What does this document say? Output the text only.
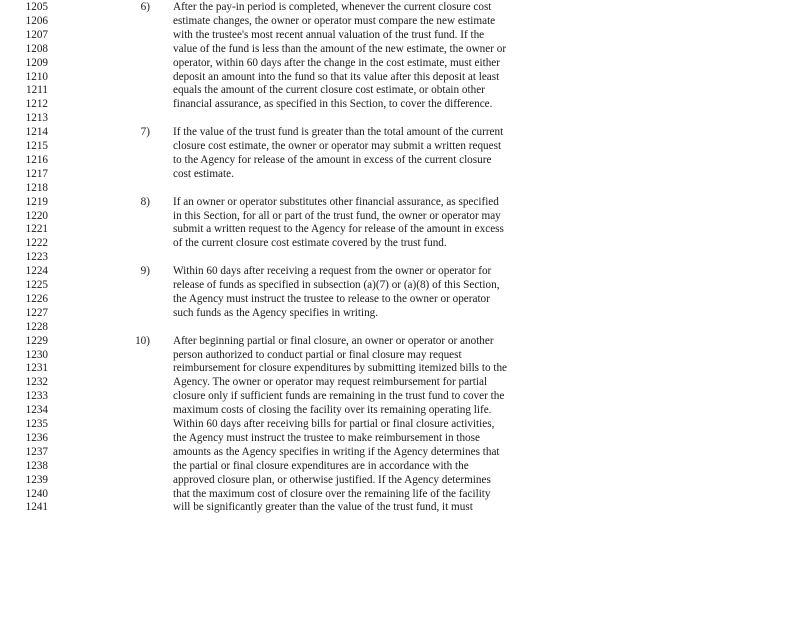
1205	6) After the pay-in period is completed, whenever the current closure cost
1206	estimate changes, the owner or operator must compare the new estimate
1207	with the trustee's most recent annual valuation of the trust fund. If the
1208	value of the fund is less than the amount of the new estimate, the owner or
1209	operator, within 60 days after the change in the cost estimate, must either
1210	deposit an amount into the fund so that its value after this deposit at least
1211	equals the amount of the current closure cost estimate, or obtain other
1212	financial assurance, as specified in this Section, to cover the difference.
1213
1214	7) If the value of the trust fund is greater than the total amount of the current
1215	closure cost estimate, the owner or operator may submit a written request
1216	to the Agency for release of the amount in excess of the current closure
1217	cost estimate.
1218
1219	8) If an owner or operator substitutes other financial assurance, as specified
1220	in this Section, for all or part of the trust fund, the owner or operator may
1221	submit a written request to the Agency for release of the amount in excess
1222	of the current closure cost estimate covered by the trust fund.
1223
1224	9) Within 60 days after receiving a request from the owner or operator for
1225	release of funds as specified in subsection (a)(7) or (a)(8) of this Section,
1226	the Agency must instruct the trustee to release to the owner or operator
1227	such funds as the Agency specifies in writing.
1228
1229	10) After beginning partial or final closure, an owner or operator or another
1230	person authorized to conduct partial or final closure may request
1231	reimbursement for closure expenditures by submitting itemized bills to the
1232	Agency. The owner or operator may request reimbursement for partial
1233	closure only if sufficient funds are remaining in the trust fund to cover the
1234	maximum costs of closing the facility over its remaining operating life.
1235	Within 60 days after receiving bills for partial or final closure activities,
1236	the Agency must instruct the trustee to make reimbursement in those
1237	amounts as the Agency specifies in writing if the Agency determines that
1238	the partial or final closure expenditures are in accordance with the
1239	approved closure plan, or otherwise justified. If the Agency determines
1240	that the maximum cost of closure over the remaining life of the facility
1241	will be significantly greater than the value of the trust fund, it must
